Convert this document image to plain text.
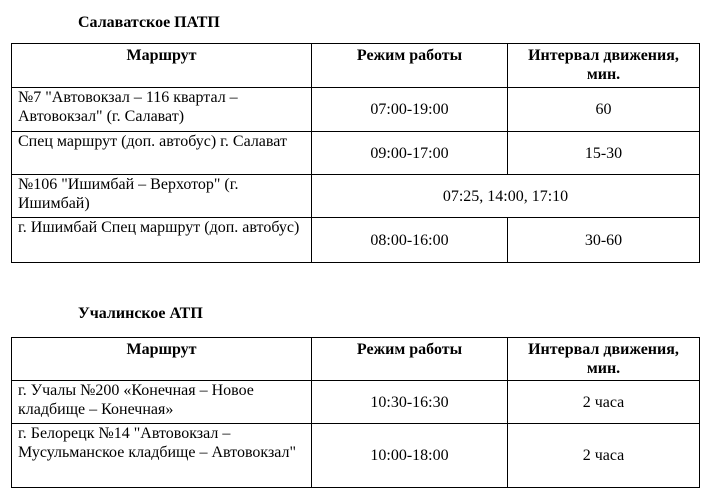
Салаватское ПАТП
Маршрут	Режим работы	Интервал движения, мин.
№7 "Автовокзал – 116 квартал – Автовокзал" (г. Салават)	07:00-19:00	60
Спец маршрут (доп. автобус) г. Салават	09:00-17:00	15-30
№106 "Ишимбай – Верхотор" (г. Ишимбай)	07:25, 14:00, 17:10	
г. Ишимбай Спец маршрут (доп. автобус)	08:00-16:00	30-60
Учалинское АТП
Маршрут	Режим работы	Интервал движения, мин.
г. Учалы №200 «Конечная – Новое кладбище – Конечная»	10:30-16:30	2 часа
г. Белорецк №14 "Автовокзал – Мусульманское кладбище – Автовокзал"	10:00-18:00	2 часа
